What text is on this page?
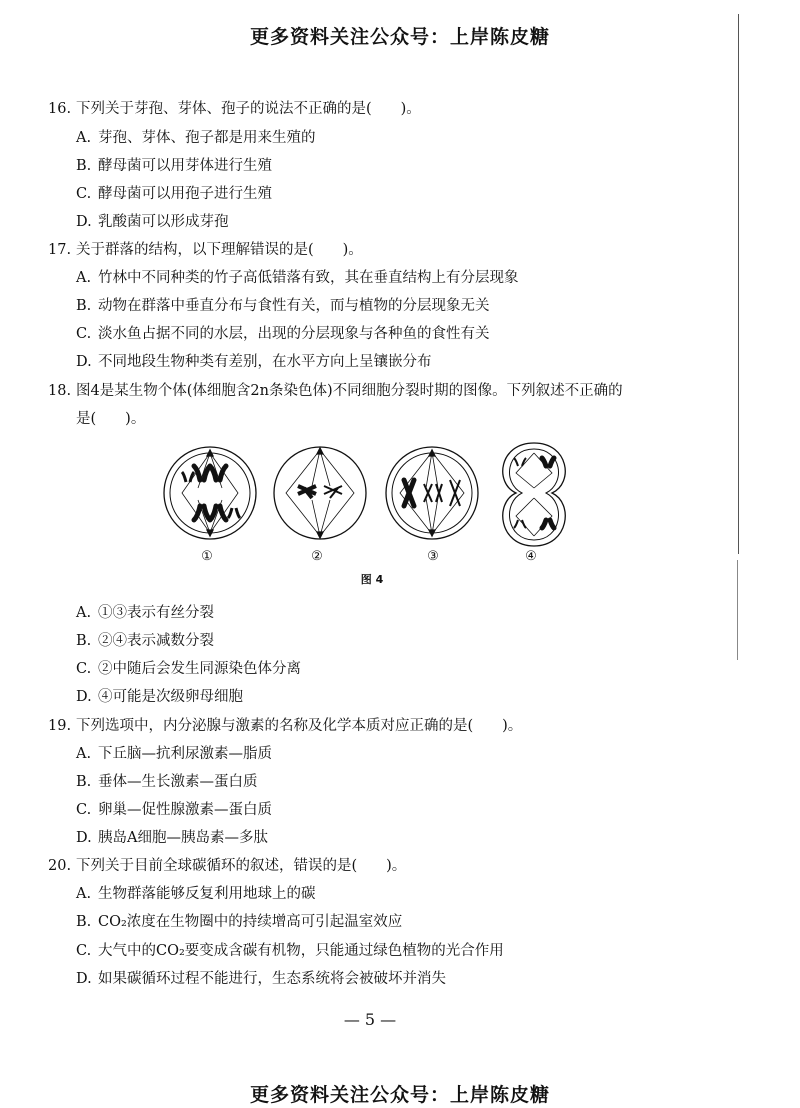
更多资料关注公众号：上岸陈皮糖
16. 下列关于芽孢、芽体、孢子的说法不正确的是(　　)。
A. 芽孢、芽体、孢子都是用来生殖的
B. 酵母菌可以用芽体进行生殖
C. 酵母菌可以用孢子进行生殖
D. 乳酸菌可以形成芽孢
17. 关于群落的结构，以下理解错误的是(　　)。
A. 竹林中不同种类的竹子高低错落有致，其在垂直结构上有分层现象
B. 动物在群落中垂直分布与食性有关，而与植物的分层现象无关
C. 淡水鱼占据不同的水层，出现的分层现象与各种鱼的食性有关
D. 不同地段生物种类有差别，在水平方向上呈镶嵌分布
18. 图4是某生物个体(体细胞含2n条染色体)不同细胞分裂时期的图像。下列叙述不正确的
是(　　)。
①	②	③	④
图 4
A. ①③表示有丝分裂
B. ②④表示减数分裂
C. ②中随后会发生同源染色体分离
D. ④可能是次级卵母细胞
19. 下列选项中，内分泌腺与激素的名称及化学本质对应正确的是(　　)。
A. 下丘脑—抗利尿激素—脂质
B. 垂体—生长激素—蛋白质
C. 卵巢—促性腺激素—蛋白质
D. 胰岛A细胞—胰岛素—多肽
20. 下列关于目前全球碳循环的叙述，错误的是(　　)。
A. 生物群落能够反复利用地球上的碳
B. CO₂浓度在生物圈中的持续增高可引起温室效应
C. 大气中的CO₂要变成含碳有机物，只能通过绿色植物的光合作用
D. 如果碳循环过程不能进行，生态系统将会被破坏并消失
— 5 —
更多资料关注公众号：上岸陈皮糖
